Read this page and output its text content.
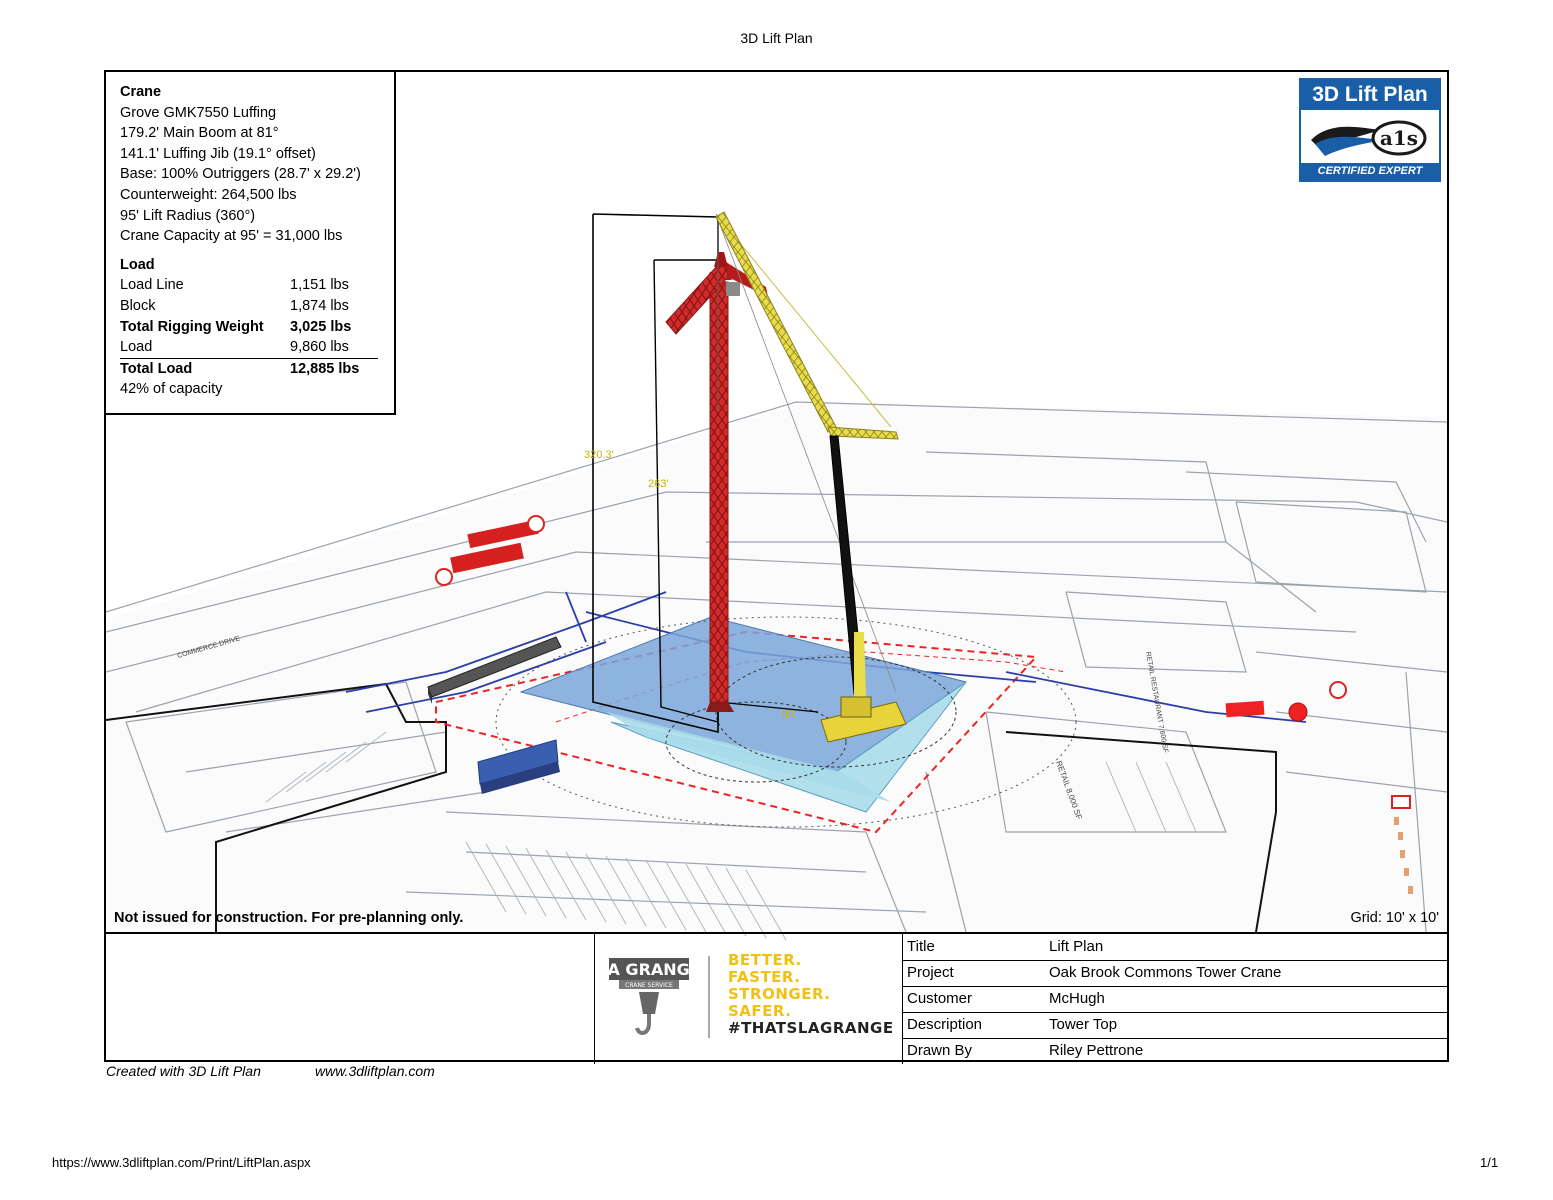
3D Lift Plan
COMMERCE DRIVE
RETAIL 8,000 SF
RETAIL RESTAURANT 7,600 SF
320.3'
263'
95'
Crane
Grove GMK7550 Luffing
179.2' Main Boom at 81°
141.1' Luffing Jib (19.1° offset)
Base: 100% Outriggers (28.7' x 29.2')
Counterweight: 264,500 lbs
95' Lift Radius (360°)
Crane Capacity at 95' = 31,000 lbs
Load
Load Line	1,151 lbs
Block	1,874 lbs
Total Rigging Weight	3,025 lbs
Load	9,860 lbs
Total Load	12,885 lbs
42% of capacity
3D Lift Plan
a1s
CERTIFIED EXPERT
Not issued for construction. For pre-planning only.	Grid: 10' x 10'
LA GRANGE
CRANE SERVICE
BETTER.
FASTER.
STRONGER.
SAFER.
#THATSLAGRANGE
Title	Lift Plan
Project	Oak Brook Commons Tower Crane
Customer	McHugh
Description	Tower Top
Drawn By	Riley Pettrone
Created with 3D Lift Plan	www.3dliftplan.com
https://www.3dliftplan.com/Print/LiftPlan.aspx	1/1
